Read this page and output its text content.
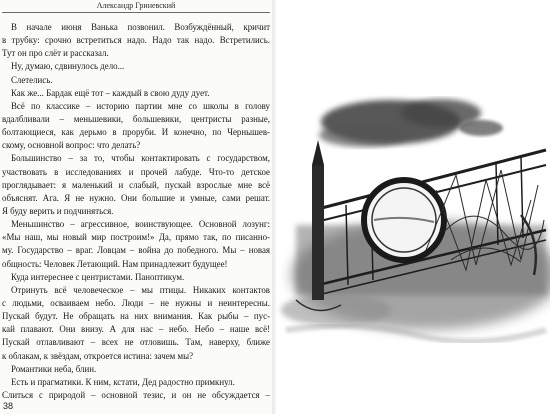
Александр Гриневский
В начале июня Ванька позвонил. Возбуждённый, кричит
в трубку: срочно встретиться надо. Надо так надо. Встретились.
Тут он про слёт и рассказал.
Ну, думаю, сдвинулось дело...
Слетелись.
Как же... Бардак ещё тот – каждый в свою дуду дует.
Всё по классике – историю партии мне со школы в голову
вдалбливали – меньшевики, большевики, центристы разные,
болтающиеся, как дерьмо в проруби. И конечно, по Чернышев-
скому, основной вопрос: что делать?
Большинство – за то, чтобы контактировать с государством,
участвовать в исследованиях и прочей лабуде. Что-то детское
проглядывает: я маленький и слабый, пускай взрослые мне всё
объяснят. Ага. Я не нужно. Они большие и умные, сами решат.
Я буду верить и подчиняться.
Меньшинство – агрессивное, воинствующее. Основной лозунг:
«Мы наш, мы новый мир построим!» Да, прямо так, по писанно-
му. Государство – враг. Ловцам – война до победного. Мы – новая
общность: Человек Летающий. Нам принадлежит будущее!
Куда интереснее с центристами. Паноптикум.
Отринуть всё человеческое – мы птицы. Никаких контактов
с людьми, осваиваем небо. Люди – не нужны и неинтересны.
Пускай будут. Не обращать на них внимания. Как рыбы – пус-
кай плавают. Они внизу. А для нас – небо. Небо – наше всё!
Пускай отлавливают – всех не отловишь. Там, наверху, ближе
к облакам, к звёздам, откроется истина: зачем мы?
Романтики неба, блин.
Есть и прагматики. К ним, кстати, Дед радостно примкнул.
Слиться с природой – основной тезис, и он не обсуждается –
38
